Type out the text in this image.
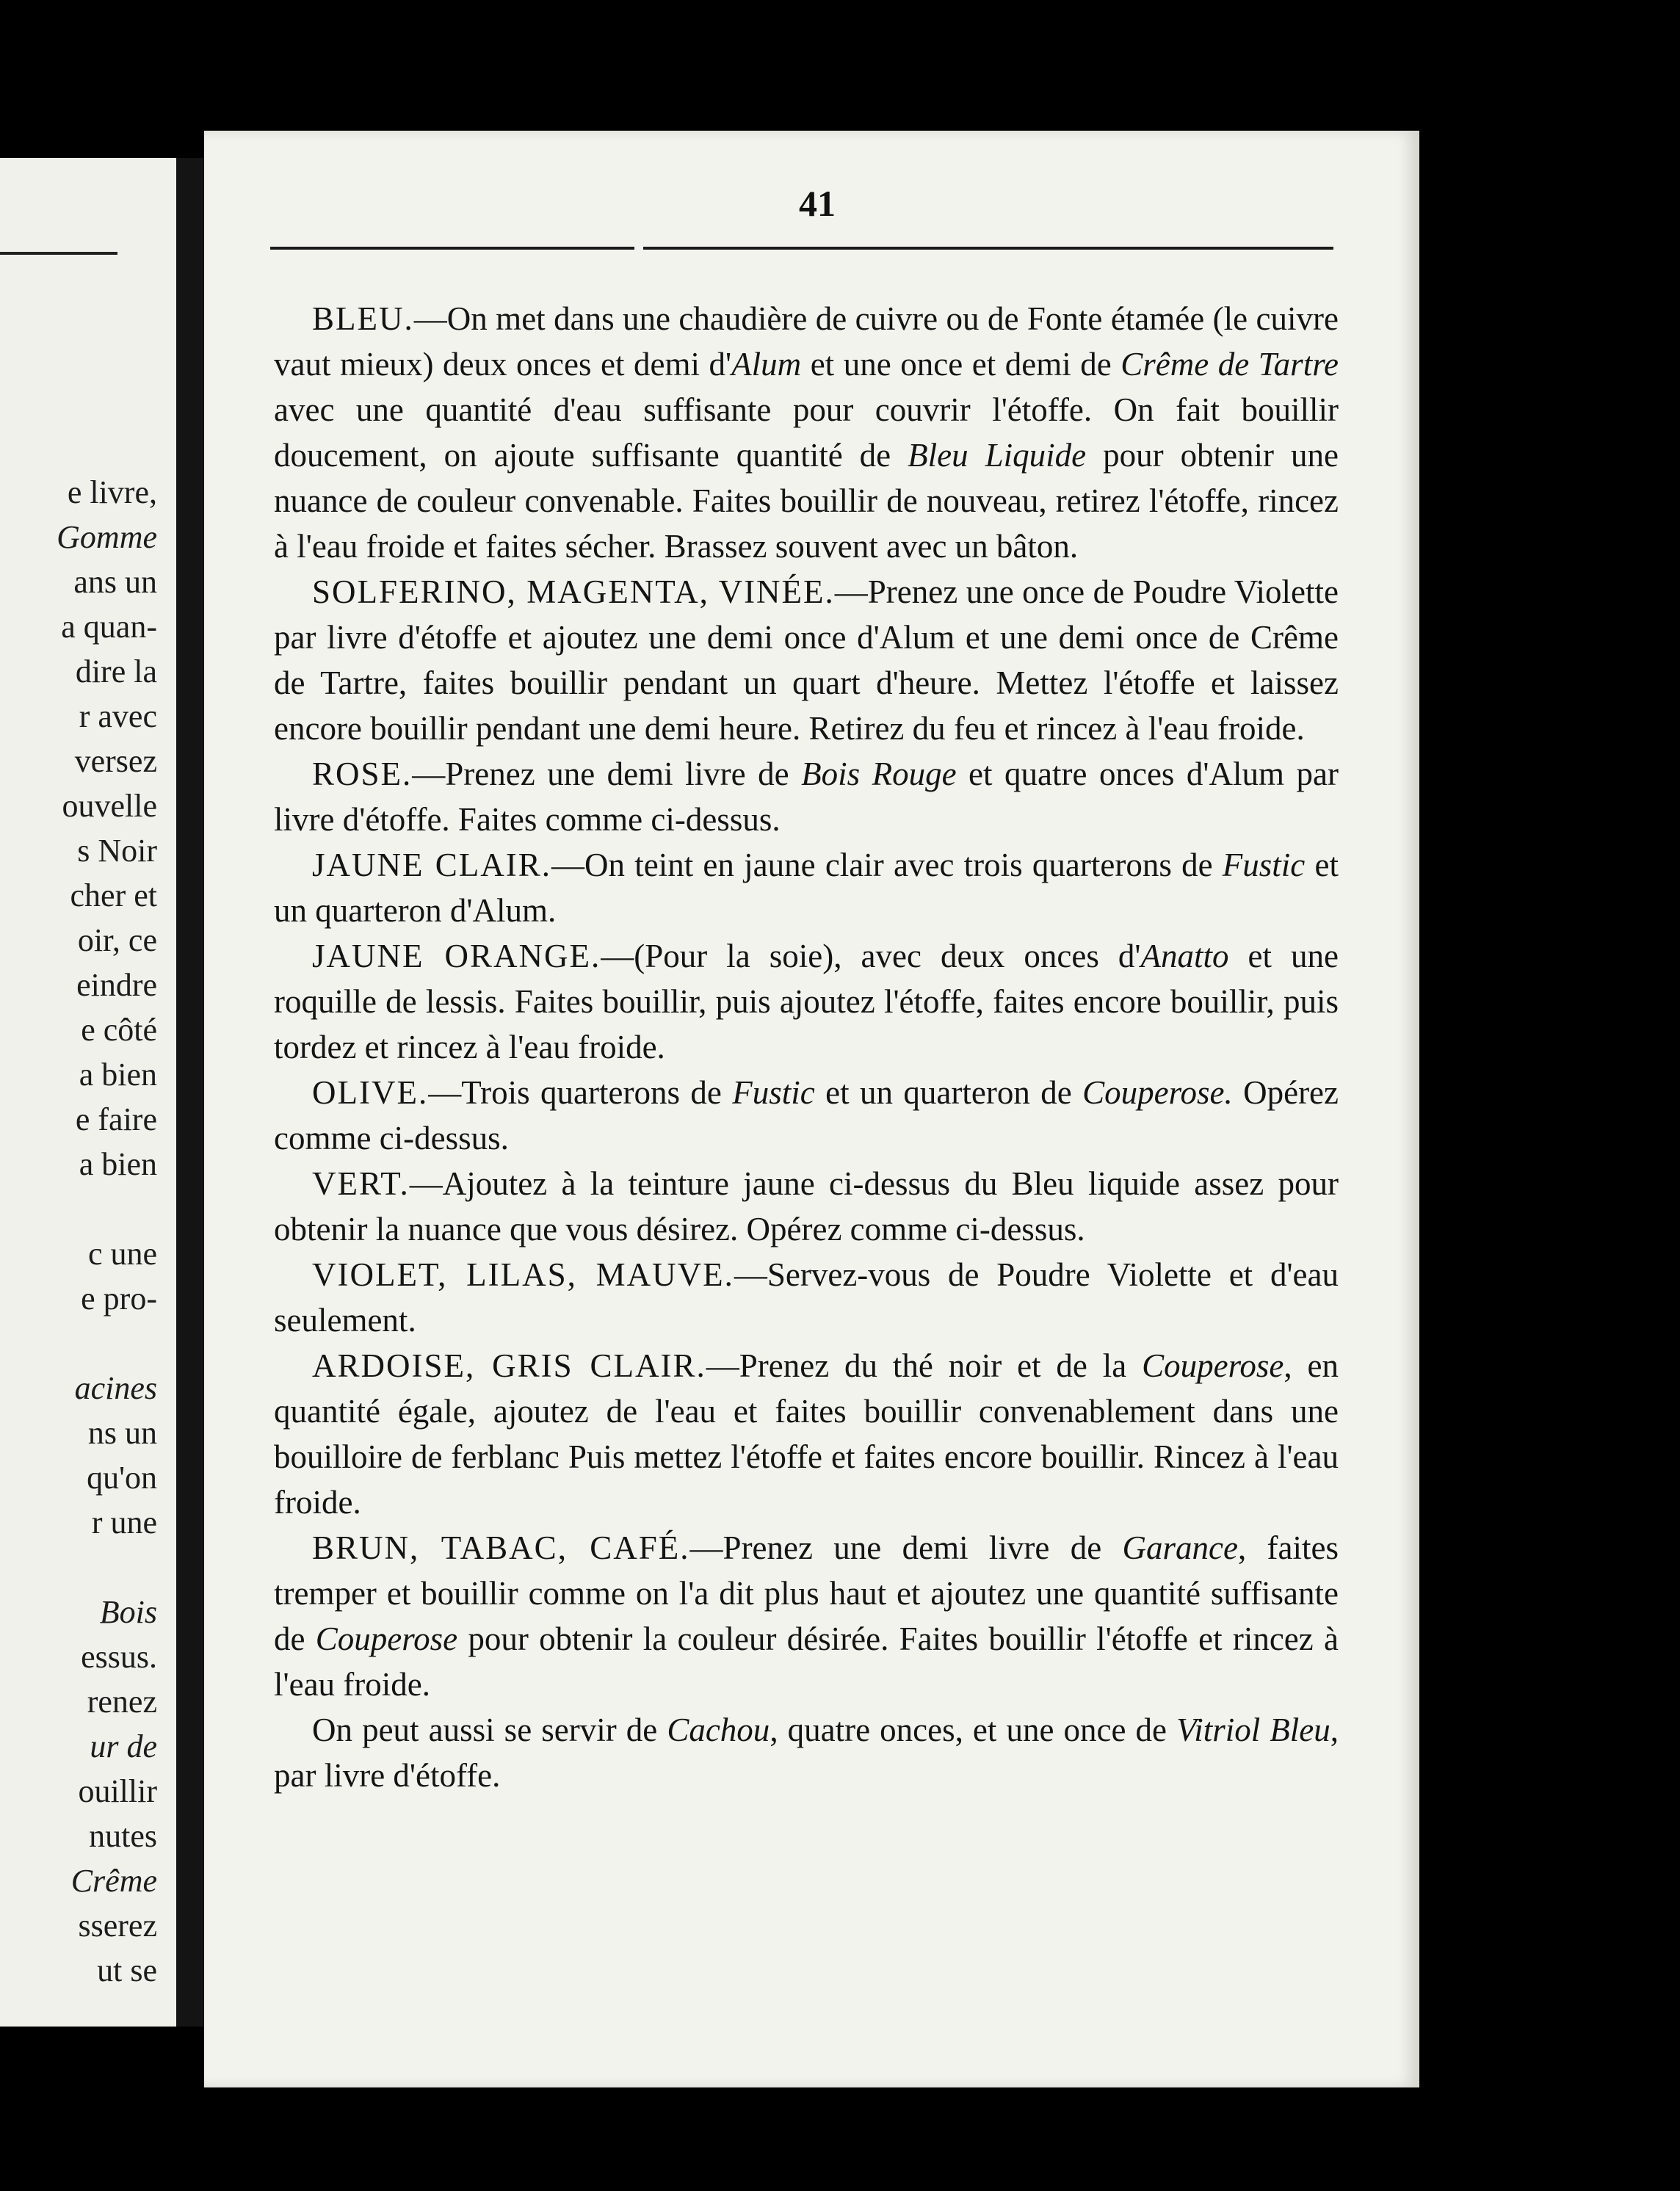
e livre,
Gomme
ans un
a quan-
dire la
r avec
versez
ouvelle
s Noir
cher et
oir, ce
eindre
e côté
a bien
e faire
a bien
c une
e pro-
acines
ns un
qu'on
r une
Bois
essus.
renez
ur de
ouillir
nutes
Crême
sserez
ut se
41

BLEU.—On met dans une chaudière de cuivre ou de Fonte étamée (le cuivre vaut mieux) deux onces et demi d'Alum et une once et demi de Crême de Tartre avec une quantité d'eau suffisante pour couvrir l'étoffe. On fait bouillir doucement, on ajoute suffisante quantité de Bleu Liquide pour obtenir une nuance de couleur convenable. Faites bouillir de nouveau, retirez l'étoffe, rincez à l'eau froide et faites sécher. Brassez souvent avec un bâton.

SOLFERINO, MAGENTA, VINÉE.—Prenez une once de Poudre Violette par livre d'étoffe et ajoutez une demi once d'Alum et une demi once de Crême de Tartre, faites bouillir pendant un quart d'heure. Mettez l'étoffe et laissez encore bouillir pendant une demi heure. Retirez du feu et rincez à l'eau froide.

ROSE.—Prenez une demi livre de Bois Rouge et quatre onces d'Alum par livre d'étoffe. Faites comme ci-dessus.

JAUNE CLAIR.—On teint en jaune clair avec trois quarterons de Fustic et un quarteron d'Alum.

JAUNE ORANGE.—(Pour la soie), avec deux onces d'Anatto et une roquille de lessis. Faites bouillir, puis ajoutez l'étoffe, faites encore bouillir, puis tordez et rincez à l'eau froide.

OLIVE.—Trois quarterons de Fustic et un quarteron de Couperose. Opérez comme ci-dessus.

VERT.—Ajoutez à la teinture jaune ci-dessus du Bleu liquide assez pour obtenir la nuance que vous désirez. Opérez comme ci-dessus.

VIOLET, LILAS, MAUVE.—Servez-vous de Poudre Violette et d'eau seulement.

ARDOISE, GRIS CLAIR.—Prenez du thé noir et de la Couperose, en quantité égale, ajoutez de l'eau et faites bouillir convenablement dans une bouilloire de ferblanc Puis mettez l'étoffe et faites encore bouillir. Rincez à l'eau froide.

BRUN, TABAC, CAFÉ.—Prenez une demi livre de Garance, faites tremper et bouillir comme on l'a dit plus haut et ajoutez une quantité suffisante de Couperose pour obtenir la couleur désirée. Faites bouillir l'étoffe et rincez à l'eau froide.

On peut aussi se servir de Cachou, quatre onces, et une once de Vitriol Bleu, par livre d'étoffe.
